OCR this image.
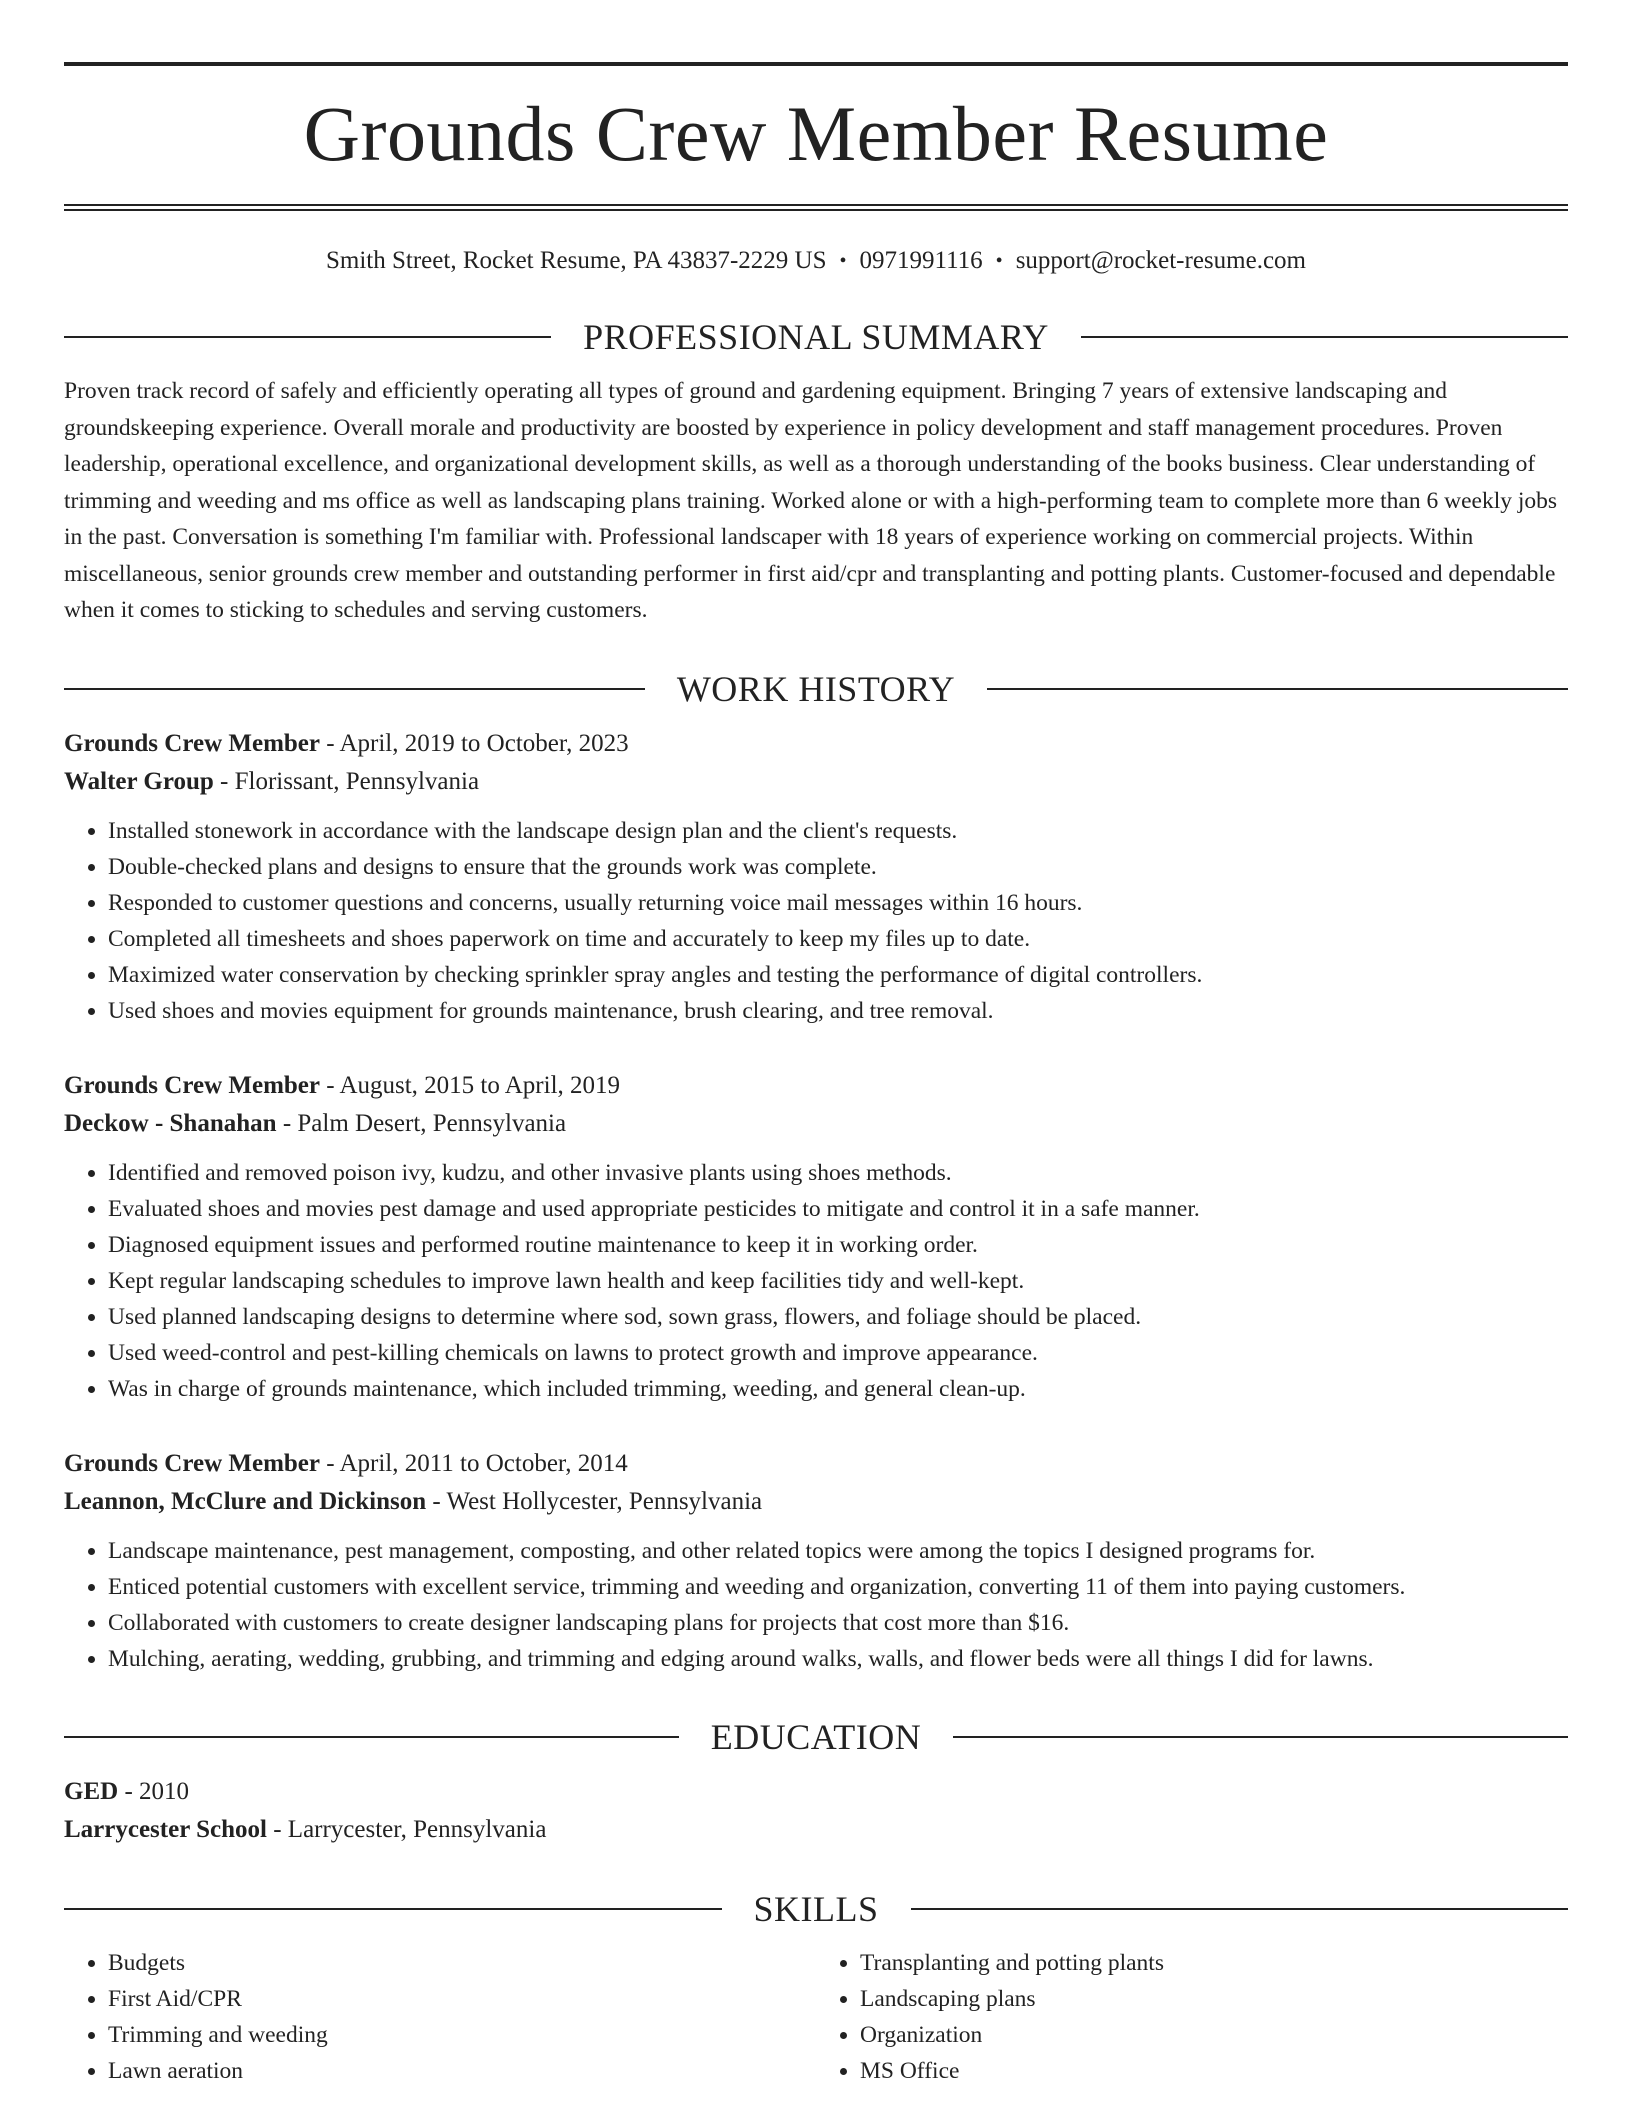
Grounds Crew Member Resume
Smith Street, Rocket Resume, PA 43837-2229 US • 0971991116 • support@rocket-resume.com
PROFESSIONAL SUMMARY

Proven track record of safely and efficiently operating all types of ground and gardening equipment. Bringing 7 years of extensive landscaping and groundskeeping experience. Overall morale and productivity are boosted by experience in policy development and staff management procedures. Proven leadership, operational excellence, and organizational development skills, as well as a thorough understanding of the books business. Clear understanding of trimming and weeding and ms office as well as landscaping plans training. Worked alone or with a high-performing team to complete more than 6 weekly jobs in the past. Conversation is something I'm familiar with. Professional landscaper with 18 years of experience working on commercial projects. Within miscellaneous, senior grounds crew member and outstanding performer in first aid/cpr and transplanting and potting plants. Customer-focused and dependable when it comes to sticking to schedules and serving customers.

WORK HISTORY
Grounds Crew Member - April, 2019 to October, 2023
Walter Group - Florissant, Pennsylvania
• Installed stonework in accordance with the landscape design plan and the client's requests.
• Double-checked plans and designs to ensure that the grounds work was complete.
• Responded to customer questions and concerns, usually returning voice mail messages within 16 hours.
• Completed all timesheets and shoes paperwork on time and accurately to keep my files up to date.
• Maximized water conservation by checking sprinkler spray angles and testing the performance of digital controllers.
• Used shoes and movies equipment for grounds maintenance, brush clearing, and tree removal.
Grounds Crew Member - August, 2015 to April, 2019
Deckow - Shanahan - Palm Desert, Pennsylvania
• Identified and removed poison ivy, kudzu, and other invasive plants using shoes methods.
• Evaluated shoes and movies pest damage and used appropriate pesticides to mitigate and control it in a safe manner.
• Diagnosed equipment issues and performed routine maintenance to keep it in working order.
• Kept regular landscaping schedules to improve lawn health and keep facilities tidy and well-kept.
• Used planned landscaping designs to determine where sod, sown grass, flowers, and foliage should be placed.
• Used weed-control and pest-killing chemicals on lawns to protect growth and improve appearance.
• Was in charge of grounds maintenance, which included trimming, weeding, and general clean-up.
Grounds Crew Member - April, 2011 to October, 2014
Leannon, McClure and Dickinson - West Hollycester, Pennsylvania
• Landscape maintenance, pest management, composting, and other related topics were among the topics I designed programs for.
• Enticed potential customers with excellent service, trimming and weeding and organization, converting 11 of them into paying customers.
• Collaborated with customers to create designer landscaping plans for projects that cost more than $16.
• Mulching, aerating, wedding, grubbing, and trimming and edging around walks, walls, and flower beds were all things I did for lawns.
EDUCATION
GED - 2010
Larrycester School - Larrycester, Pennsylvania
SKILLS
• Budgets
• First Aid/CPR
• Trimming and weeding
• Lawn aeration
• Transplanting and potting plants
• Landscaping plans
• Organization
• MS Office
